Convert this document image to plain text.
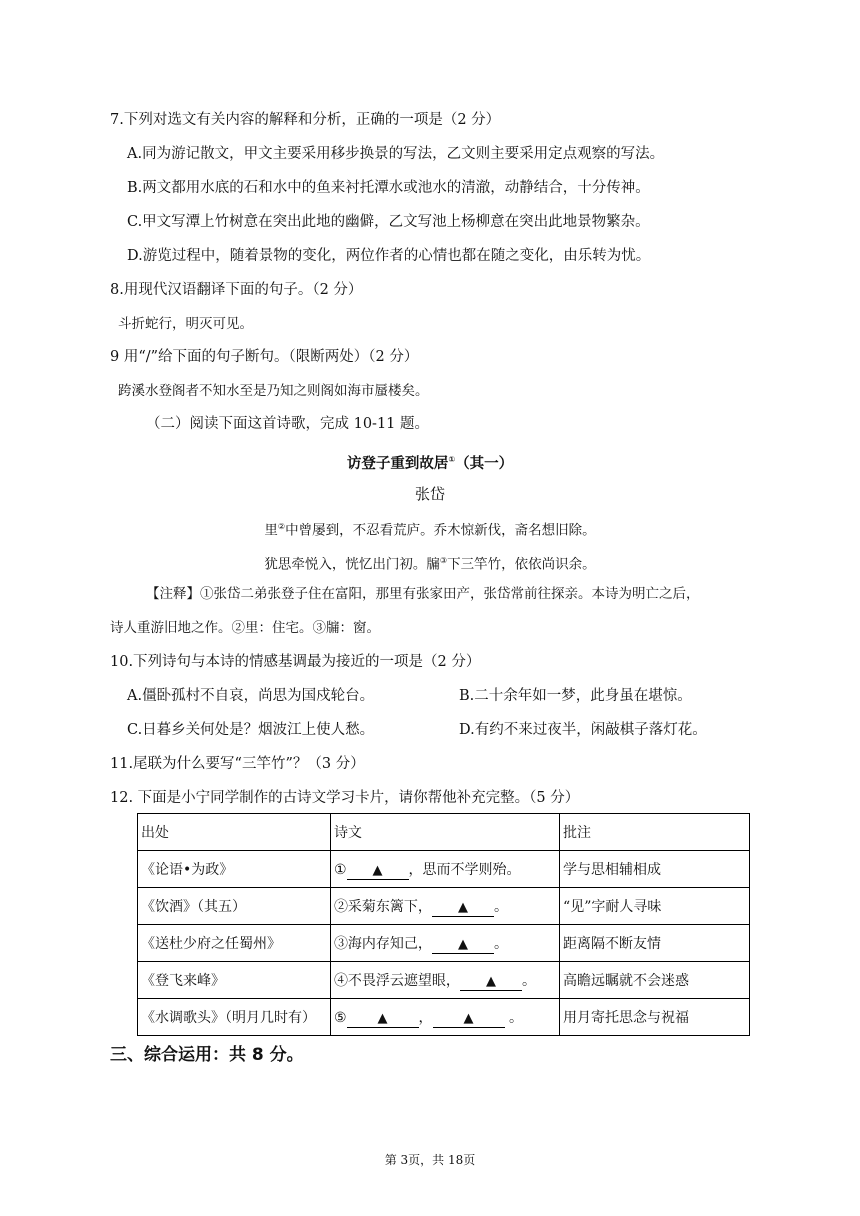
7.下列对选文有关内容的解释和分析，正确的一项是（2 分）
A.同为游记散文，甲文主要采用移步换景的写法，乙文则主要采用定点观察的写法。
B.两文都用水底的石和水中的鱼来衬托潭水或池水的清澈，动静结合，十分传神。
C.甲文写潭上竹树意在突出此地的幽僻，乙文写池上杨柳意在突出此地景物繁杂。
D.游览过程中，随着景物的变化，两位作者的心情也都在随之变化，由乐转为忧。
8.用现代汉语翻译下面的句子。（2 分）
斗折蛇行，明灭可见。
9 用“/”给下面的句子断句。（限断两处）（2 分）
跨溪水登阁者不知水至是乃知之则阁如海市蜃楼矣。
（二）阅读下面这首诗歌，完成 10-11 题。
访登子重到故居①（其一）
张岱
里②中曾屡到，不忍看荒庐。乔木惊新伐，斋名想旧除。
犹思牵悦入，恍忆出门初。牖③下三竿竹，依依尚识余。
【注释】①张岱二弟张登子住在富阳，那里有张家田产，张岱常前往探亲。本诗为明亡之后，
诗人重游旧地之作。②里：住宅。③牖：窗。
10.下列诗句与本诗的情感基调最为接近的一项是（2 分）
A.僵卧孤村不自哀，尚思为国戍轮台。	B.二十余年如一梦，此身虽在堪惊。
C.日暮乡关何处是？烟波江上使人愁。	D.有约不来过夜半，闲敲棋子落灯花。
11.尾联为什么要写“三竿竹”？（3 分）
12. 下面是小宁同学制作的古诗文学习卡片，请你帮他补充完整。（5 分）
出处	诗文	批注
《论语•为政》	① ▲ ，思而不学则殆。	学与思相辅相成
《饮酒》（其五）	②采菊东篱下， ▲ 。	“见”字耐人寻味
《送杜少府之任蜀州》	③海内存知己， ▲ 。	距离隔不断友情
《登飞来峰》	④不畏浮云遮望眼， ▲ 。	高瞻远瞩就不会迷惑
《水调歌头》（明月几时有）	⑤ ▲ ， ▲ 。	用月寄托思念与祝福
三、综合运用：共 8 分。
第 3页，共 18页
